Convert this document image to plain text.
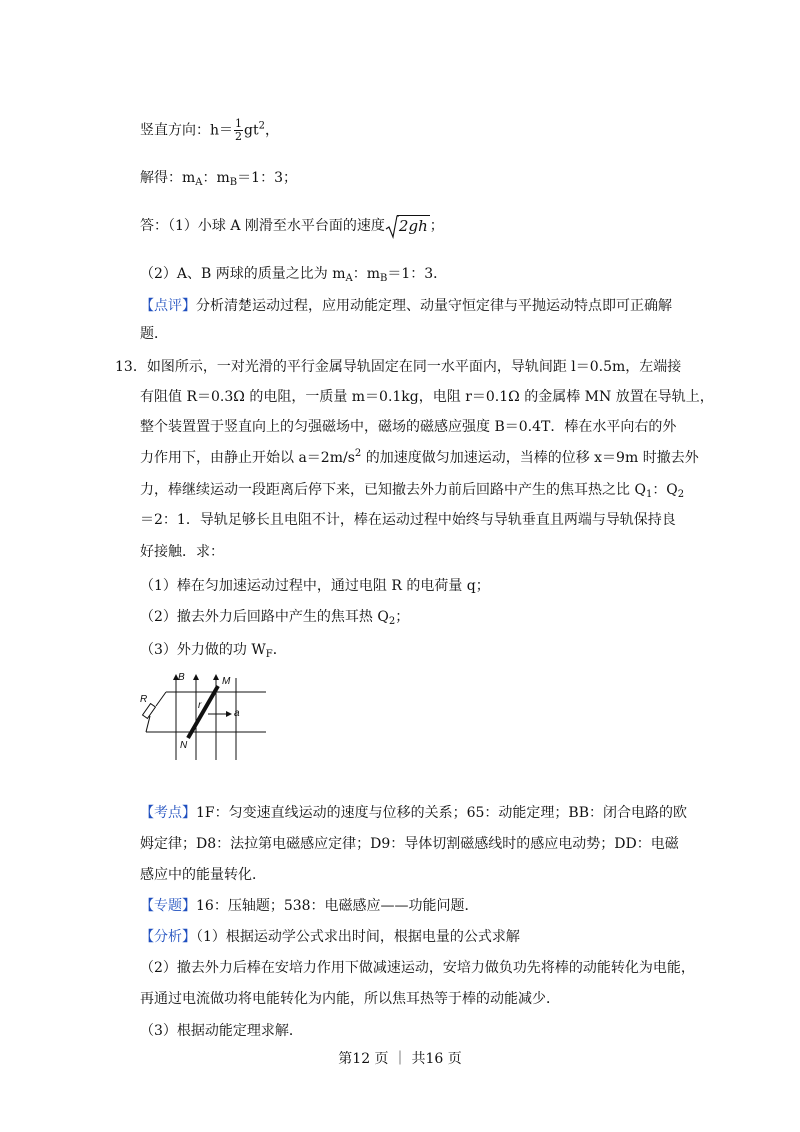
竖直方向：$h= \frac{1}{2} gt^2$，
解得：$m_A$：$m_B=1$：3；
答：（1）小球 A 刚滑至水平台面的速度 2gh ；
（2）A、B 两球的质量之比为 $m_A$：$m_B=1$：3．
【点评】分析清楚运动过程，应用动能定理、动量守恒定律与平抛运动特点即可正确解
题．
13．如图所示，一对光滑的平行金属导轨固定在同一水平面内，导轨间距 l＝0.5m，左端接
有阻值 R＝0.3Ω 的电阻，一质量 m＝0.1kg，电阻 r＝0.1Ω 的金属棒 MN 放置在导轨上，
整个装置置于竖直向上的匀强磁场中，磁场的磁感应强度 B＝0.4T．棒在水平向右的外
力作用下，由静止开始以 $a=2m/s^2$ 的加速度做匀加速运动，当棒的位移 x＝9m 时撤去外
力，棒继续运动一段距离后停下来，已知撤去外力前后回路中产生的焦耳热之比 $Q_1$：$Q_2$
＝2：1．导轨足够长且电阻不计，棒在运动过程中始终与导轨垂直且两端与导轨保持良
好接触．求：
（1）棒在匀加速运动过程中，通过电阻 R 的电荷量 q；
（2）撤去外力后回路中产生的焦耳热 $Q_2$；
（3）外力做的功 $W_F$．
B	M
R
r
a
N
【考点】1F：匀变速直线运动的速度与位移的关系；65：动能定理；BB：闭合电路的欧
姆定律；D8：法拉第电磁感应定律；D9：导体切割磁感线时的感应电动势；DD：电磁
感应中的能量转化．
【专题】16：压轴题；538：电磁感应——功能问题．
【分析】（1）根据运动学公式求出时间，根据电量的公式求解
（2）撤去外力后棒在安培力作用下做减速运动，安培力做负功先将棒的动能转化为电能，
再通过电流做功将电能转化为内能，所以焦耳热等于棒的动能减少．
（3）根据动能定理求解．
第12 页 ｜ 共16 页
